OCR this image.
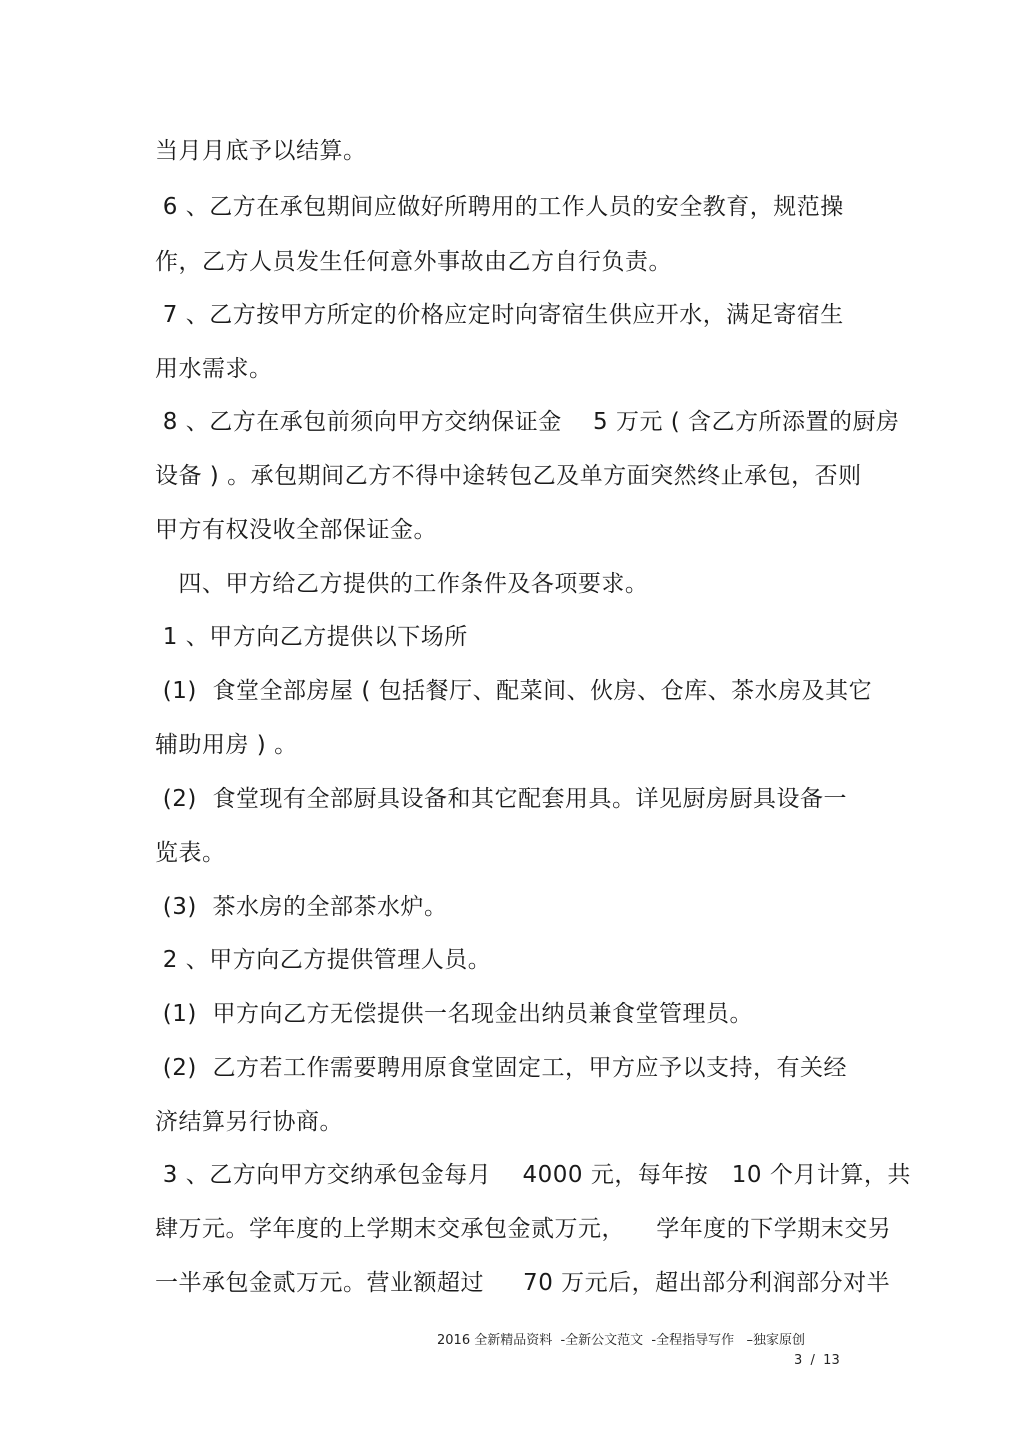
当月月底予以结算。
6 、乙方在承包期间应做好所聘用的工作人员的安全教育，规范操
作，乙方人员发生任何意外事故由乙方自行负责。
7 、乙方按甲方所定的价格应定时向寄宿生供应开水，满足寄宿生
用水需求。
8 、乙方在承包前须向甲方交纳保证金    5 万元 ( 含乙方所添置的厨房
设备 ) 。承包期间乙方不得中途转包乙及单方面突然终止承包，否则
甲方有权没收全部保证金。
四、甲方给乙方提供的工作条件及各项要求。
1 、甲方向乙方提供以下场所
(1)  食堂全部房屋 ( 包括餐厅、配菜间、伙房、仓库、茶水房及其它
辅助用房 ) 。
(2)  食堂现有全部厨具设备和其它配套用具。详见厨房厨具设备一
览表。
(3)  茶水房的全部茶水炉。
2 、甲方向乙方提供管理人员。
(1)  甲方向乙方无偿提供一名现金出纳员兼食堂管理员。
(2)  乙方若工作需要聘用原食堂固定工，甲方应予以支持，有关经
济结算另行协商。
3 、乙方向甲方交纳承包金每月    4000 元，每年按   10 个月计算，共
肆万元。学年度的上学期末交承包金贰万元，    学年度的下学期末交另
一半承包金贰万元。营业额超过     70 万元后，超出部分利润部分对半
2016 全新精品资料  -全新公文范文  -全程指导写作   –独家原创
3  /  13
